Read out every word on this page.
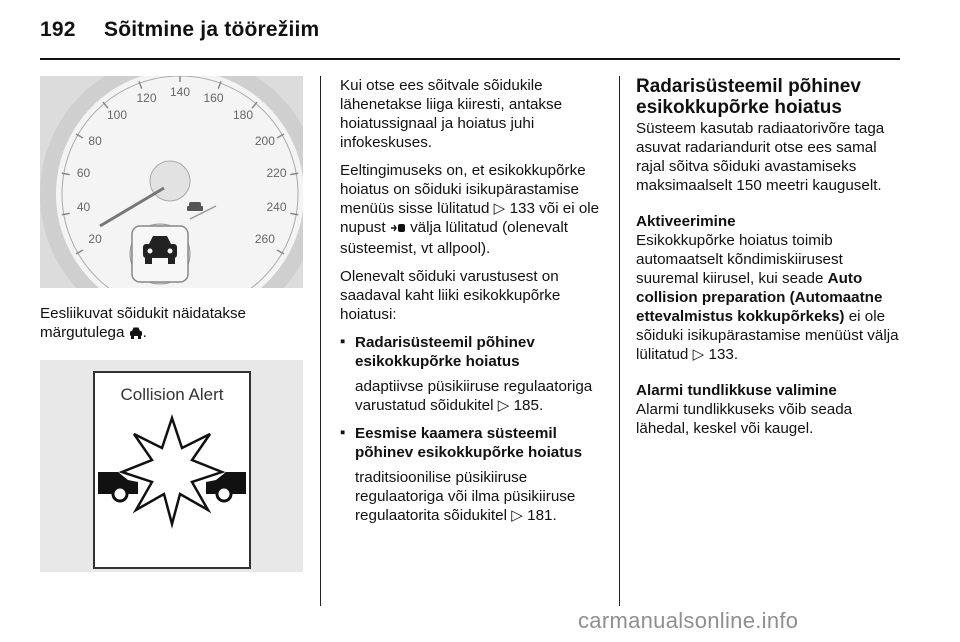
192 Sõitmine ja töörežiim
20
40
60
80
100
120 140 160
180
200
220
240
260

Eesliikuvat sõidukit näidatakse märgutulega .

Collision Alert

Kui otse ees sõitvale sõidukile lähenetakse liiga kiiresti, antakse hoiatussignaal ja hoiatus juhi infokeskuses.

Eeltingimuseks on, et esikokkupõrke hoiatus on sõiduki isikupärastamise menüüs sisse lülitatud ▷ 133 või ei ole nupust välja lülitatud (olenevalt süsteemist, vt allpool).

Olenevalt sõiduki varustusest on saadaval kaht liiki esikokkupõrke hoiatusi:

▪ Radarisüsteemil põhinev esikokkupõrke hoiatus

adaptiivse püsikiiruse regulaatoriga varustatud sõidukitel ▷ 185.

▪ Eesmise kaamera süsteemil põhinev esikokkupõrke hoiatus

traditsioonilise püsikiiruse regulaatoriga või ilma püsikiiruse regulaatorita sõidukitel ▷ 181.

Radarisüsteemil põhinev esikokkupõrke hoiatus

Süsteem kasutab radiaatorivõre taga asuvat radariandurit otse ees samal rajal sõitva sõiduki avastamiseks maksimaalselt 150 meetri kauguselt.

Aktiveerimine

Esikokkupõrke hoiatus toimib automaatselt kõndimiskiirusest suuremal kiirusel, kui seade Auto collision preparation (Automaatne ettevalmistus kokkupõrkeks) ei ole sõiduki isikupärastamise menüüst välja lülitatud ▷ 133.

Alarmi tundlikkuse valimine

Alarmi tundlikkuseks võib seada lähedal, keskel või kaugel.

carmanualsonline.info
